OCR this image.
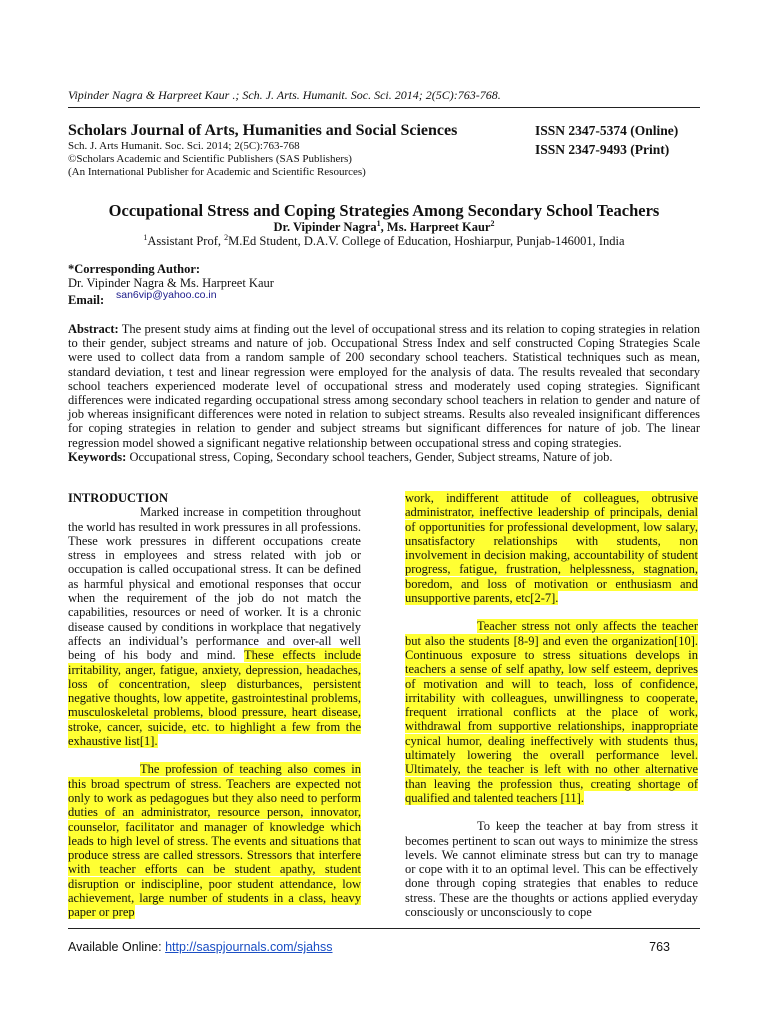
Vipinder Nagra & Harpreet Kaur .; Sch. J. Arts. Humanit. Soc. Sci. 2014; 2(5C):763-768.
Scholars Journal of Arts, Humanities and Social Sciences	ISSN 2347-5374 (Online)
ISSN 2347-9493 (Print)
Sch. J. Arts Humanit. Soc. Sci. 2014; 2(5C):763-768
©Scholars Academic and Scientific Publishers (SAS Publishers)
(An International Publisher for Academic and Scientific Resources)
Occupational Stress and Coping Strategies Among Secondary School Teachers
Dr. Vipinder Nagra$^1$, Ms. Harpreet Kaur$^2$
$^1$Assistant Prof, $^2$M.Ed Student, D.A.V. College of Education, Hoshiarpur, Punjab-146001, India
*Corresponding Author:
Dr. Vipinder Nagra & Ms. Harpreet Kaur
Email: san6vip@yahoo.co.in
Abstract: The present study aims at finding out the level of occupational stress and its relation to coping strategies in relation to their gender, subject streams and nature of job. Occupational Stress Index and self constructed Coping Strategies Scale were used to collect data from a random sample of 200 secondary school teachers. Statistical techniques such as mean, standard deviation, t test and linear regression were employed for the analysis of data. The results revealed that secondary school teachers experienced moderate level of occupational stress and moderately used coping strategies. Significant differences were indicated regarding occupational stress among secondary school teachers in relation to gender and nature of job whereas insignificant differences were noted in relation to subject streams. Results also revealed insignificant differences for coping strategies in relation to gender and subject streams but significant differences for nature of job. The linear regression model showed a significant negative relationship between occupational stress and coping strategies.
Keywords: Occupational stress, Coping, Secondary school teachers, Gender, Subject streams, Nature of job.

INTRODUCTION

Marked increase in competition throughout the world has resulted in work pressures in all professions. These work pressures in different occupations create stress in employees and stress related with job or occupation is called occupational stress. It can be defined as harmful physical and emotional responses that occur when the requirement of the job do not match the capabilities, resources or need of worker. It is a chronic disease caused by conditions in workplace that negatively affects an individual’s performance and over-all well being of his body and mind. These effects include irritability, anger, fatigue, anxiety, depression, headaches, loss of concentration, sleep disturbances, persistent negative thoughts, low appetite, gastrointestinal problems, musculoskeletal problems, blood pressure, heart disease, stroke, cancer, suicide, etc. to highlight a few from the exhaustive list[1].

The profession of teaching also comes in this broad spectrum of stress. Teachers are expected not only to work as pedagogues but they also need to perform duties of an administrator, resource person, innovator, counselor, facilitator and manager of knowledge which leads to high level of stress. The events and situations that produce stress are called stressors. Stressors that interfere with teacher efforts can be student apathy, student disruption or indiscipline, poor student attendance, low achievement, large number of students in a class, heavy paper or prep

work, indifferent attitude of colleagues, obtrusive administrator, ineffective leadership of principals, denial of opportunities for professional development, low salary, unsatisfactory relationships with students, non involvement in decision making, accountability of student progress, fatigue, frustration, helplessness, stagnation, boredom, and loss of motivation or enthusiasm and unsupportive parents, etc[2-7].

Teacher stress not only affects the teacher but also the students [8-9] and even the organization[10]. Continuous exposure to stress situations develops in teachers a sense of self apathy, low self esteem, deprives of motivation and will to teach, loss of confidence, irritability with colleagues, unwillingness to cooperate, frequent irrational conflicts at the place of work, withdrawal from supportive relationships, inappropriate cynical humor, dealing ineffectively with students thus, ultimately lowering the overall performance level. Ultimately, the teacher is left with no other alternative than leaving the profession thus, creating shortage of qualified and talented teachers [11].

To keep the teacher at bay from stress it becomes pertinent to scan out ways to minimize the stress levels. We cannot eliminate stress but can try to manage or cope with it to an optimal level. This can be effectively done through coping strategies that enables to reduce stress. These are the thoughts or actions applied everyday consciously or unconsciously to cope

Available Online: http://saspjournals.com/sjahss	763
